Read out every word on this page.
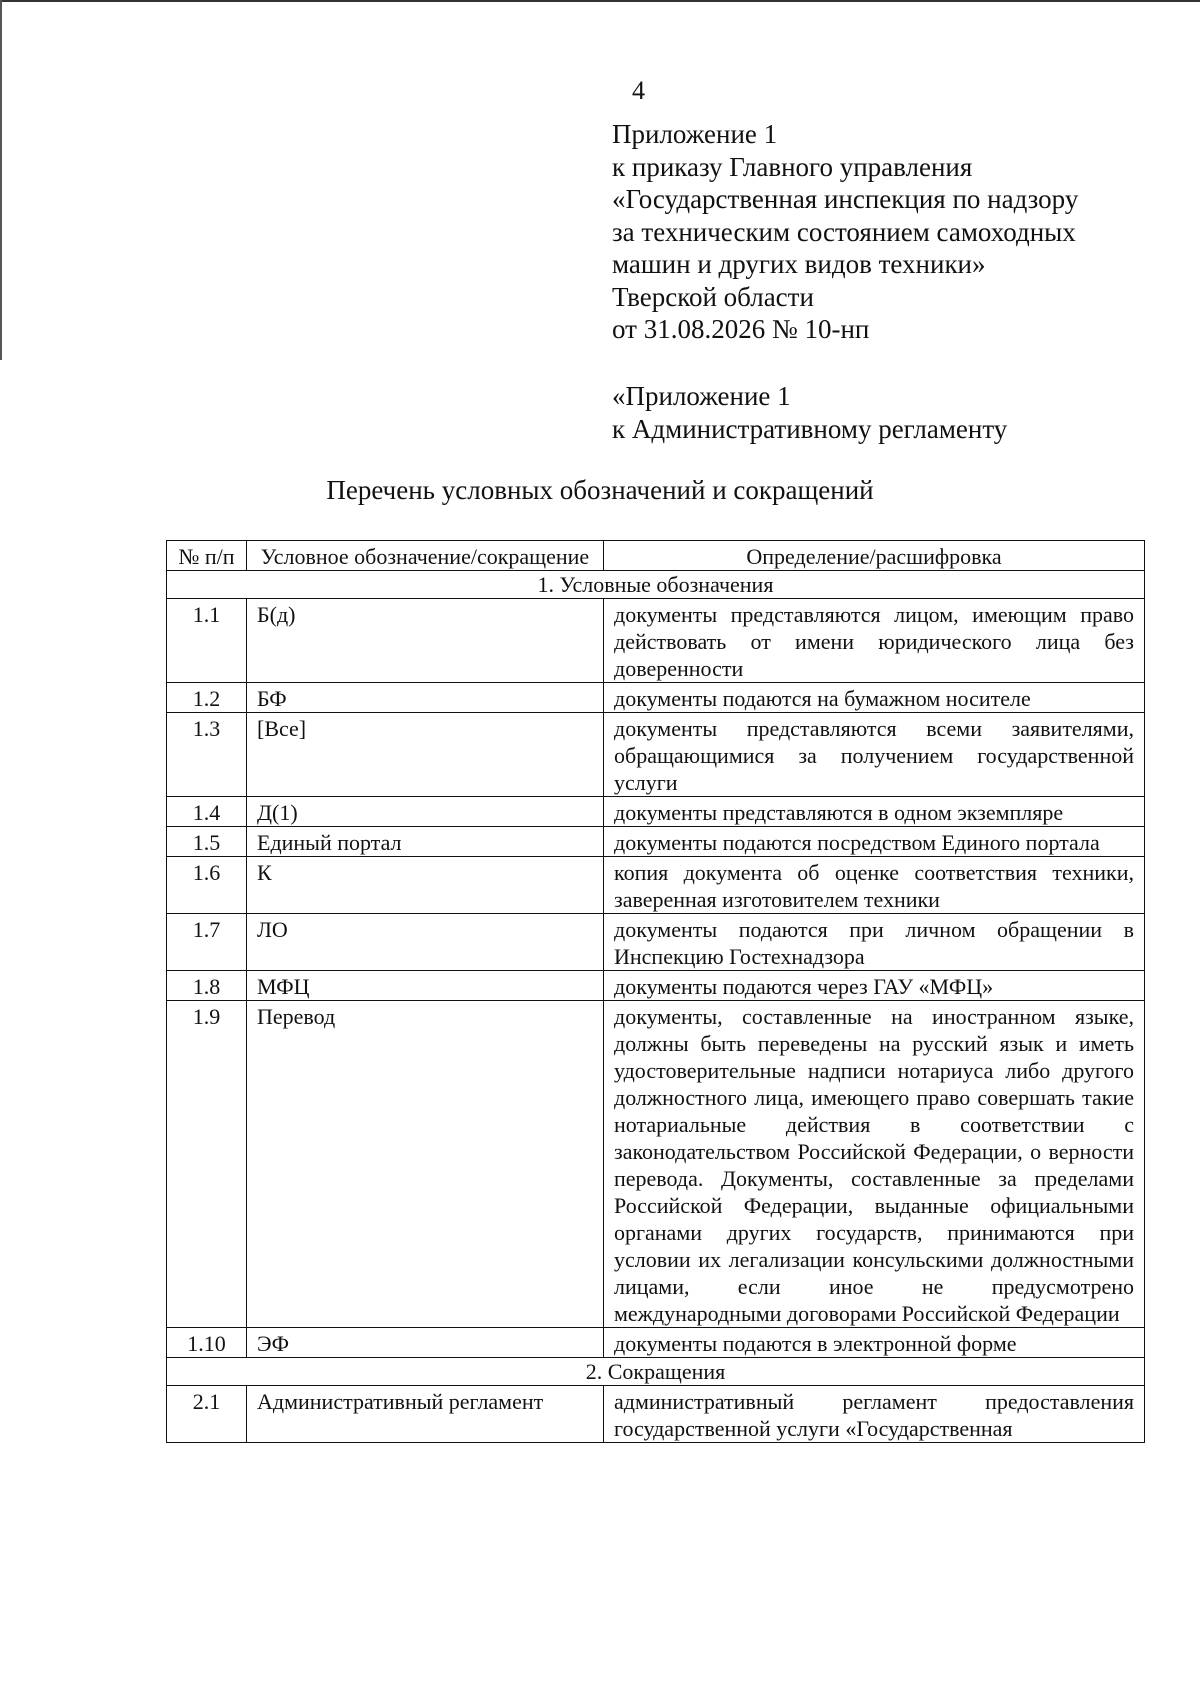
4
Приложение 1
к приказу Главного управления
«Государственная инспекция по надзору
за техническим состоянием самоходных
машин и других видов техники»
Тверской области
от 31.08.2026 № 10-нп
«Приложение 1
к Административному регламенту
Перечень условных обозначений и сокращений
№ п/п	Условное обозначение/сокращение	Определение/расшифровка
1. Условные обозначения		
1.1	Б(д)	документы представляются лицом, имеющим право действовать от имени юридического лица без доверенности
1.2	БФ	документы подаются на бумажном носителе
1.3	[Все]	документы представляются всеми заявителями, обращающимися за получением государственной услуги
1.4	Д(1)	документы представляются в одном экземпляре
1.5	Единый портал	документы подаются посредством Единого портала
1.6	К	копия документа об оценке соответствия техники, заверенная изготовителем техники
1.7	ЛО	документы подаются при личном обращении в Инспекцию Гостехнадзора
1.8	МФЦ	документы подаются через ГАУ «МФЦ»
1.9	Перевод	документы, составленные на иностранном языке, должны быть переведены на русский язык и иметь удостоверительные надписи нотариуса либо другого должностного лица, имеющего право совершать такие нотариальные действия в соответствии с законодательством Российской Федерации, о верности перевода. Документы, составленные за пределами Российской Федерации, выданные официальными органами других государств, принимаются при условии их легализации консульскими должностными лицами, если иное не предусмотрено международными договорами Российской Федерации
1.10	ЭФ	документы подаются в электронной форме
2. Сокращения		
2.1	Административный регламент	административный регламент предоставления государственной услуги «Государственная
